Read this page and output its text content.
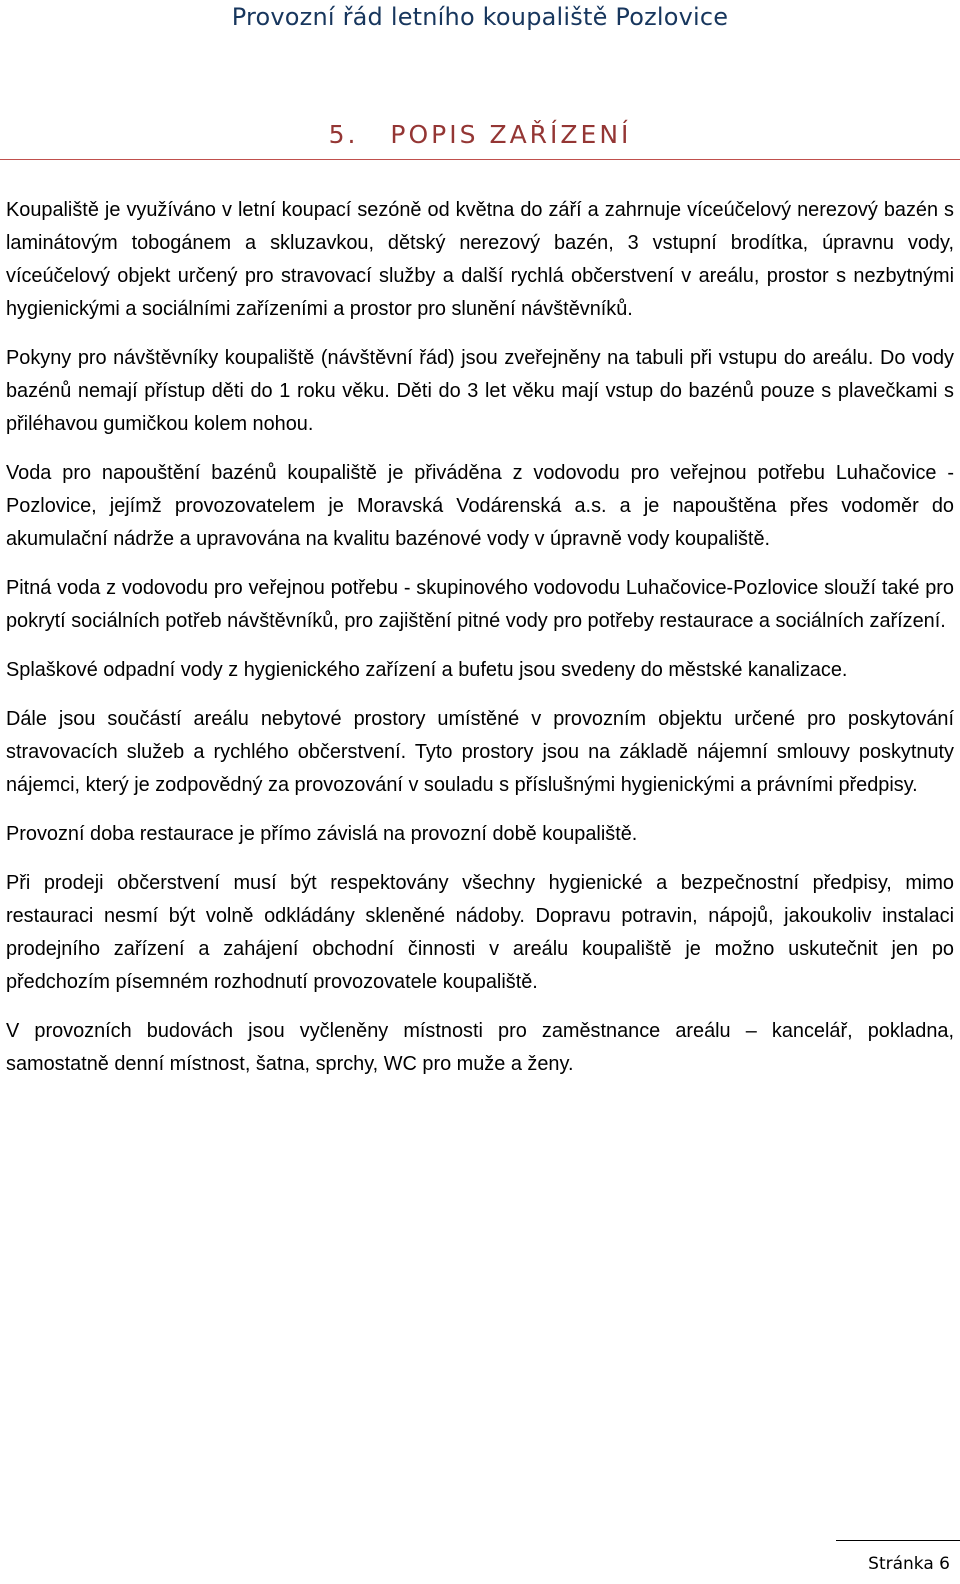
Provozní řád letního koupaliště Pozlovice
5. POPIS ZAŘÍZENÍ

Koupaliště je využíváno v letní koupací sezóně od května do září a zahrnuje víceúčelový nerezový bazén s laminátovým tobogánem a skluzavkou, dětský nerezový bazén, 3 vstupní brodítka, úpravnu vody, víceúčelový objekt určený pro stravovací služby a další rychlá občerstvení v areálu, prostor s nezbytnými hygienickými a sociálními zařízeními a prostor pro slunění návštěvníků.

Pokyny pro návštěvníky koupaliště (návštěvní řád) jsou zveřejněny na tabuli při vstupu do areálu. Do vody bazénů nemají přístup děti do 1 roku věku. Děti do 3 let věku mají vstup do bazénů pouze s plavečkami s přiléhavou gumičkou kolem nohou.

Voda pro napouštění bazénů koupaliště je přiváděna z vodovodu pro veřejnou potřebu Luhačovice - Pozlovice, jejímž provozovatelem je Moravská Vodárenská a.s. a je napouštěna přes vodoměr do akumulační nádrže a upravována na kvalitu bazénové vody v úpravně vody koupaliště.

Pitná voda z vodovodu pro veřejnou potřebu - skupinového vodovodu Luhačovice-Pozlovice slouží také pro pokrytí sociálních potřeb návštěvníků, pro zajištění pitné vody pro potřeby restaurace a sociálních zařízení.

Splaškové odpadní vody z hygienického zařízení a bufetu jsou svedeny do městské kanalizace.

Dále jsou součástí areálu nebytové prostory umístěné v provozním objektu určené pro poskytování stravovacích služeb a rychlého občerstvení. Tyto prostory jsou na základě nájemní smlouvy poskytnuty nájemci, který je zodpovědný za provozování v souladu s příslušnými hygienickými a právními předpisy.

Provozní doba restaurace je přímo závislá na provozní době koupaliště.

Při prodeji občerstvení musí být respektovány všechny hygienické a bezpečnostní předpisy, mimo restauraci nesmí být volně odkládány skleněné nádoby. Dopravu potravin, nápojů, jakoukoliv instalaci prodejního zařízení a zahájení obchodní činnosti v areálu koupaliště je možno uskutečnit jen po předchozím písemném rozhodnutí provozovatele koupaliště.

V provozních budovách jsou vyčleněny místnosti pro zaměstnance areálu – kancelář, pokladna, samostatně denní místnost, šatna, sprchy, WC pro muže a ženy.

Stránka 6
